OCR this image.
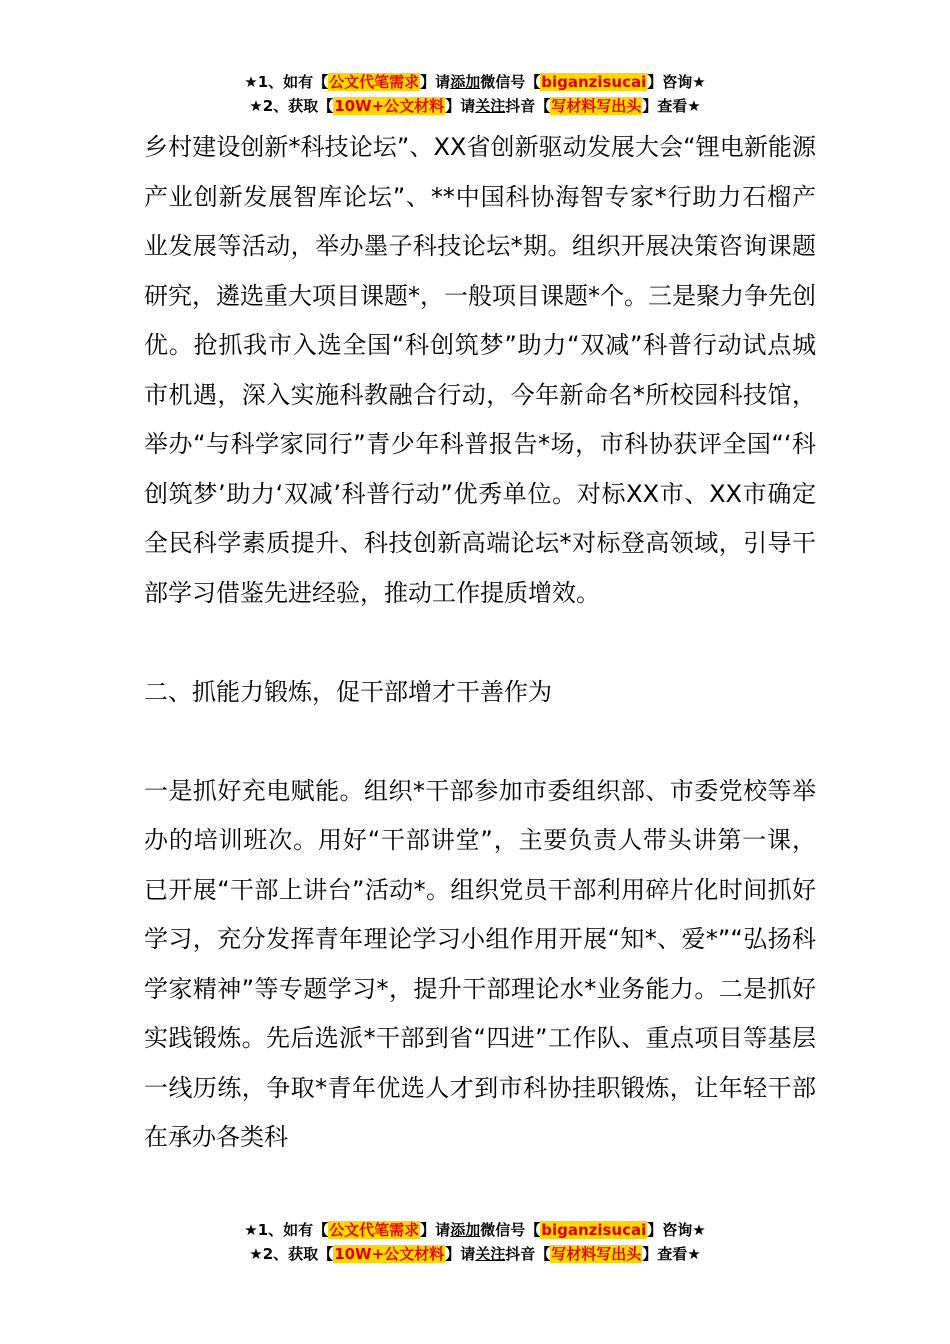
★1、如有【公文代笔需求】请添加微信号【biganzisucai】咨询★
★2、获取【10W+公文材料】请关注抖音【写材料写出头】查看★

乡村建设创新*科技论坛”、XX省创新驱动发展大会“锂电新能源产业创新发展智库论坛”、**中国科协海智专家*行助力石榴产业发展等活动，举办墨子科技论坛*期。组织开展决策咨询课题研究，遴选重大项目课题*，一般项目课题*个。三是聚力争先创优。抢抓我市入选全国“科创筑梦”助力“双减”科普行动试点城市机遇，深入实施科教融合行动，今年新命名*所校园科技馆，举办“与科学家同行”青少年科普报告*场，市科协获评全国“‘科创筑梦’助力‘双减’科普行动”优秀单位。对标XX市、XX市确定全民科学素质提升、科技创新高端论坛*对标登高领域，引导干部学习借鉴先进经验，推动工作提质增效。

二、抓能力锻炼，促干部增才干善作为

一是抓好充电赋能。组织*干部参加市委组织部、市委党校等举办的培训班次。用好“干部讲堂”，主要负责人带头讲第一课，已开展“干部上讲台”活动*。组织党员干部利用碎片化时间抓好学习，充分发挥青年理论学习小组作用开展“知*、爱*”“弘扬科学家精神”等专题学习*，提升干部理论水*业务能力。二是抓好实践锻炼。先后选派*干部到省“四进”工作队、重点项目等基层一线历练，争取*青年优选人才到市科协挂职锻炼，让年轻干部在承办各类科

★1、如有【公文代笔需求】请添加微信号【biganzisucai】咨询★
★2、获取【10W+公文材料】请关注抖音【写材料写出头】查看★
